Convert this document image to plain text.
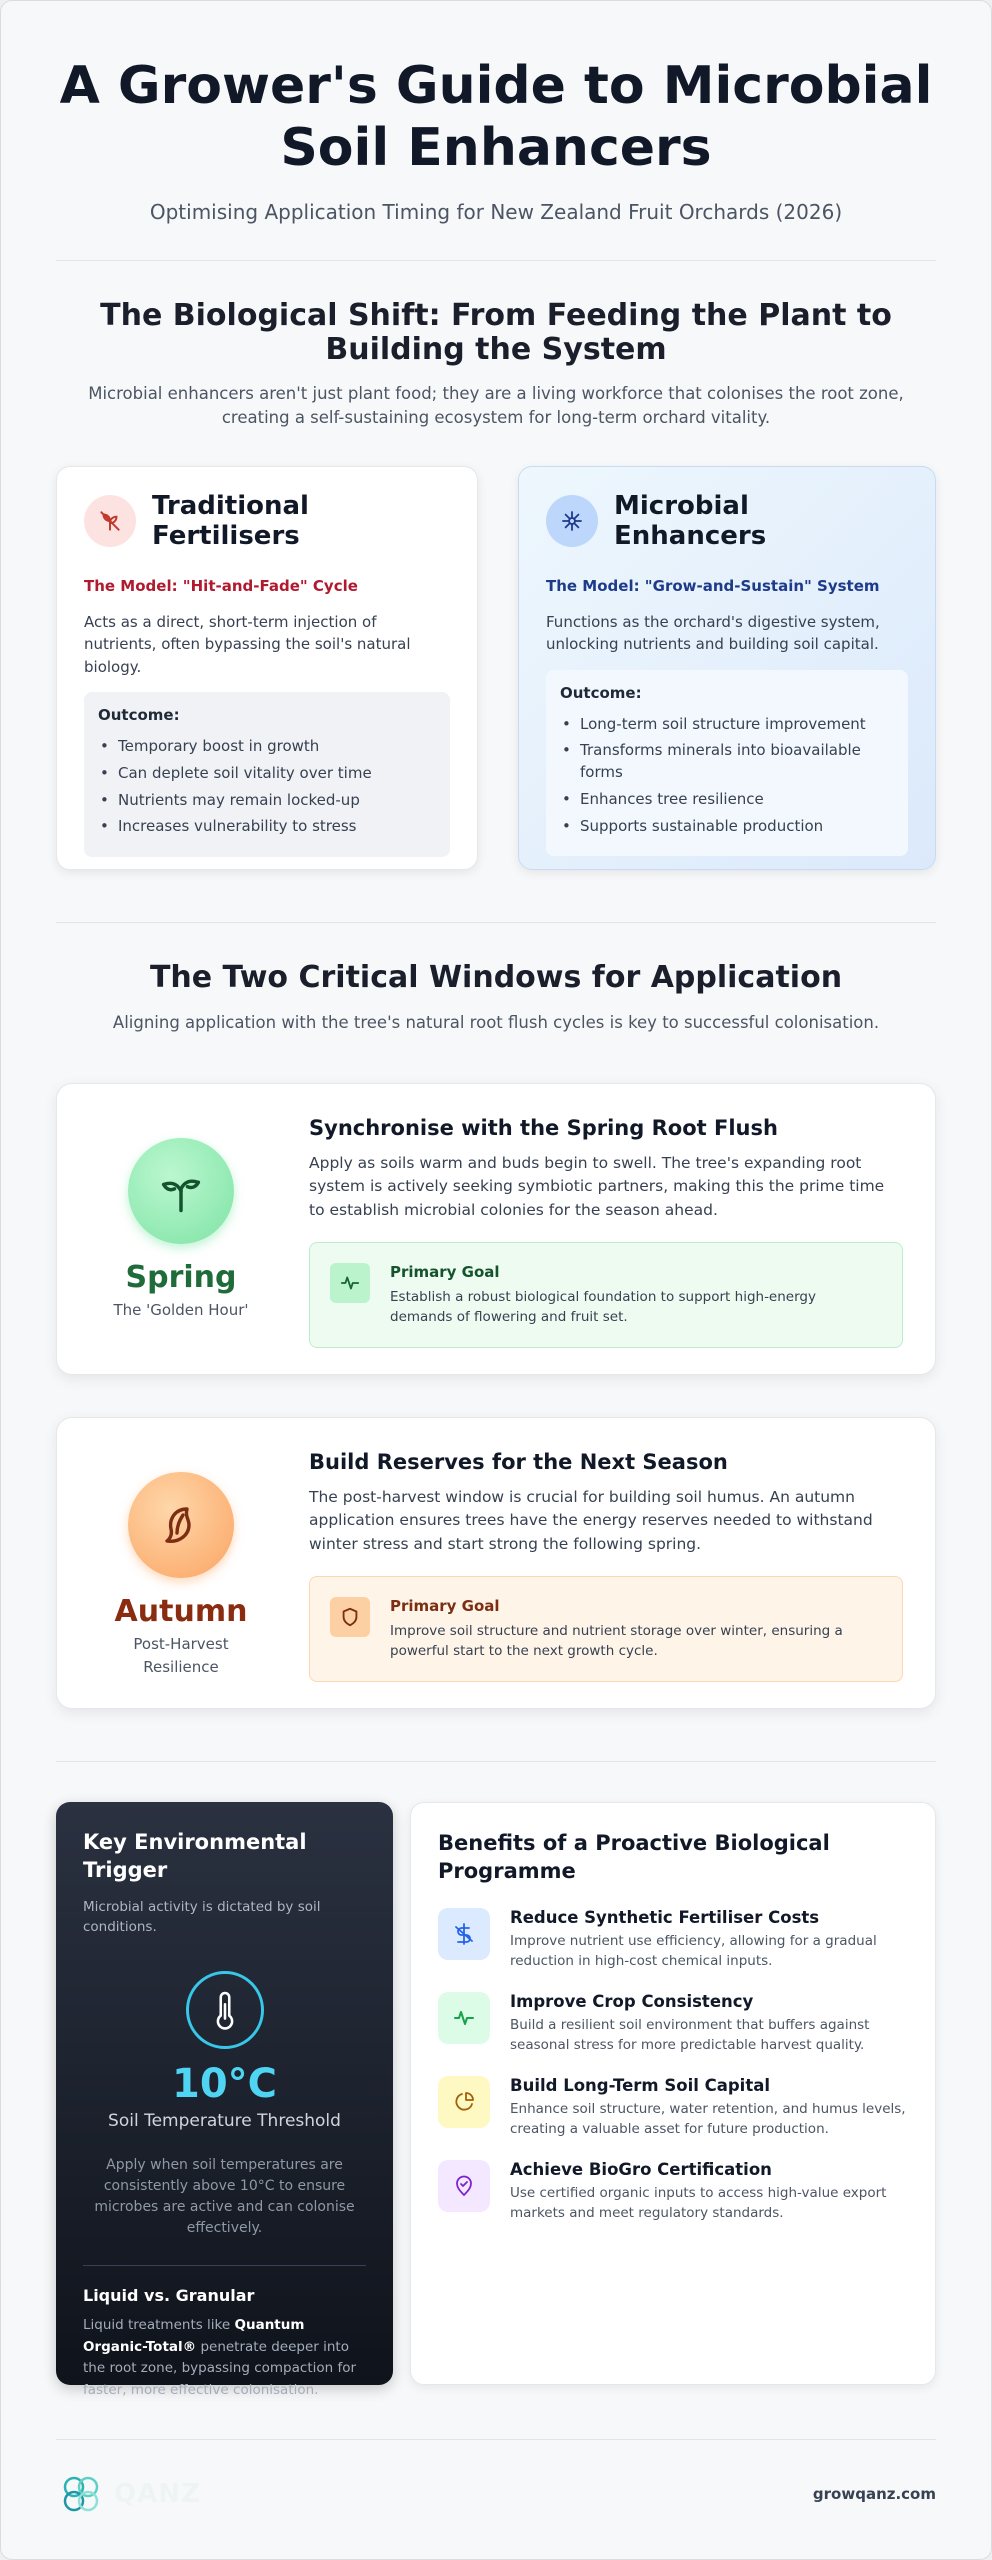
A Grower's Guide to Microbial Soil Enhancers

Optimising Application Timing for New Zealand Fruit Orchards (2026)

The Biological Shift: From Feeding the Plant to Building the System

Microbial enhancers aren't just plant food; they are a living workforce that colonises the root zone, creating a self-sustaining ecosystem for long-term orchard vitality.

Traditional Fertilisers
The Model: "Hit-and-Fade" Cycle

Acts as a direct, short-term injection of nutrients, often bypassing the soil's natural biology.

Outcome:
• Temporary boost in growth
• Can deplete soil vitality over time
• Nutrients may remain locked-up
• Increases vulnerability to stress
Microbial Enhancers
The Model: "Grow-and-Sustain" System

Functions as the orchard's digestive system, unlocking nutrients and building soil capital.

Outcome:
• Long-term soil structure improvement
• Transforms minerals into bioavailable forms
• Enhances tree resilience
• Supports sustainable production
The Two Critical Windows for Application

Aligning application with the tree's natural root flush cycles is key to successful colonisation.

Spring
The 'Golden Hour'
Synchronise with the Spring Root Flush

Apply as soils warm and buds begin to swell. The tree's expanding root system is actively seeking symbiotic partners, making this the prime time to establish microbial colonies for the season ahead.

Primary Goal
Establish a robust biological foundation to support high-energy demands of flowering and fruit set.
Autumn
Post-Harvest Resilience
Build Reserves for the Next Season

The post-harvest window is crucial for building soil humus. An autumn application ensures trees have the energy reserves needed to withstand winter stress and start strong the following spring.

Primary Goal
Improve soil structure and nutrient storage over winter, ensuring a powerful start to the next growth cycle.
Key Environmental Trigger
Microbial activity is dictated by soil conditions.
10°C
Soil Temperature Threshold
Apply when soil temperatures are consistently above 10°C to ensure microbes are active and can colonise effectively.
Liquid vs. Granular

Liquid treatments like Quantum Organic-Total® penetrate deeper into the root zone, bypassing compaction for faster, more effective colonisation.

Benefits of a Proactive Biological Programme
Reduce Synthetic Fertiliser Costs
Improve nutrient use efficiency, allowing for a gradual reduction in high-cost chemical inputs.
Improve Crop Consistency
Build a resilient soil environment that buffers against seasonal stress for more predictable harvest quality.
Build Long-Term Soil Capital
Enhance soil structure, water retention, and humus levels, creating a valuable asset for future production.
Achieve BioGro Certification
Use certified organic inputs to access high-value export markets and meet regulatory standards.
QANZ	growqanz.com
